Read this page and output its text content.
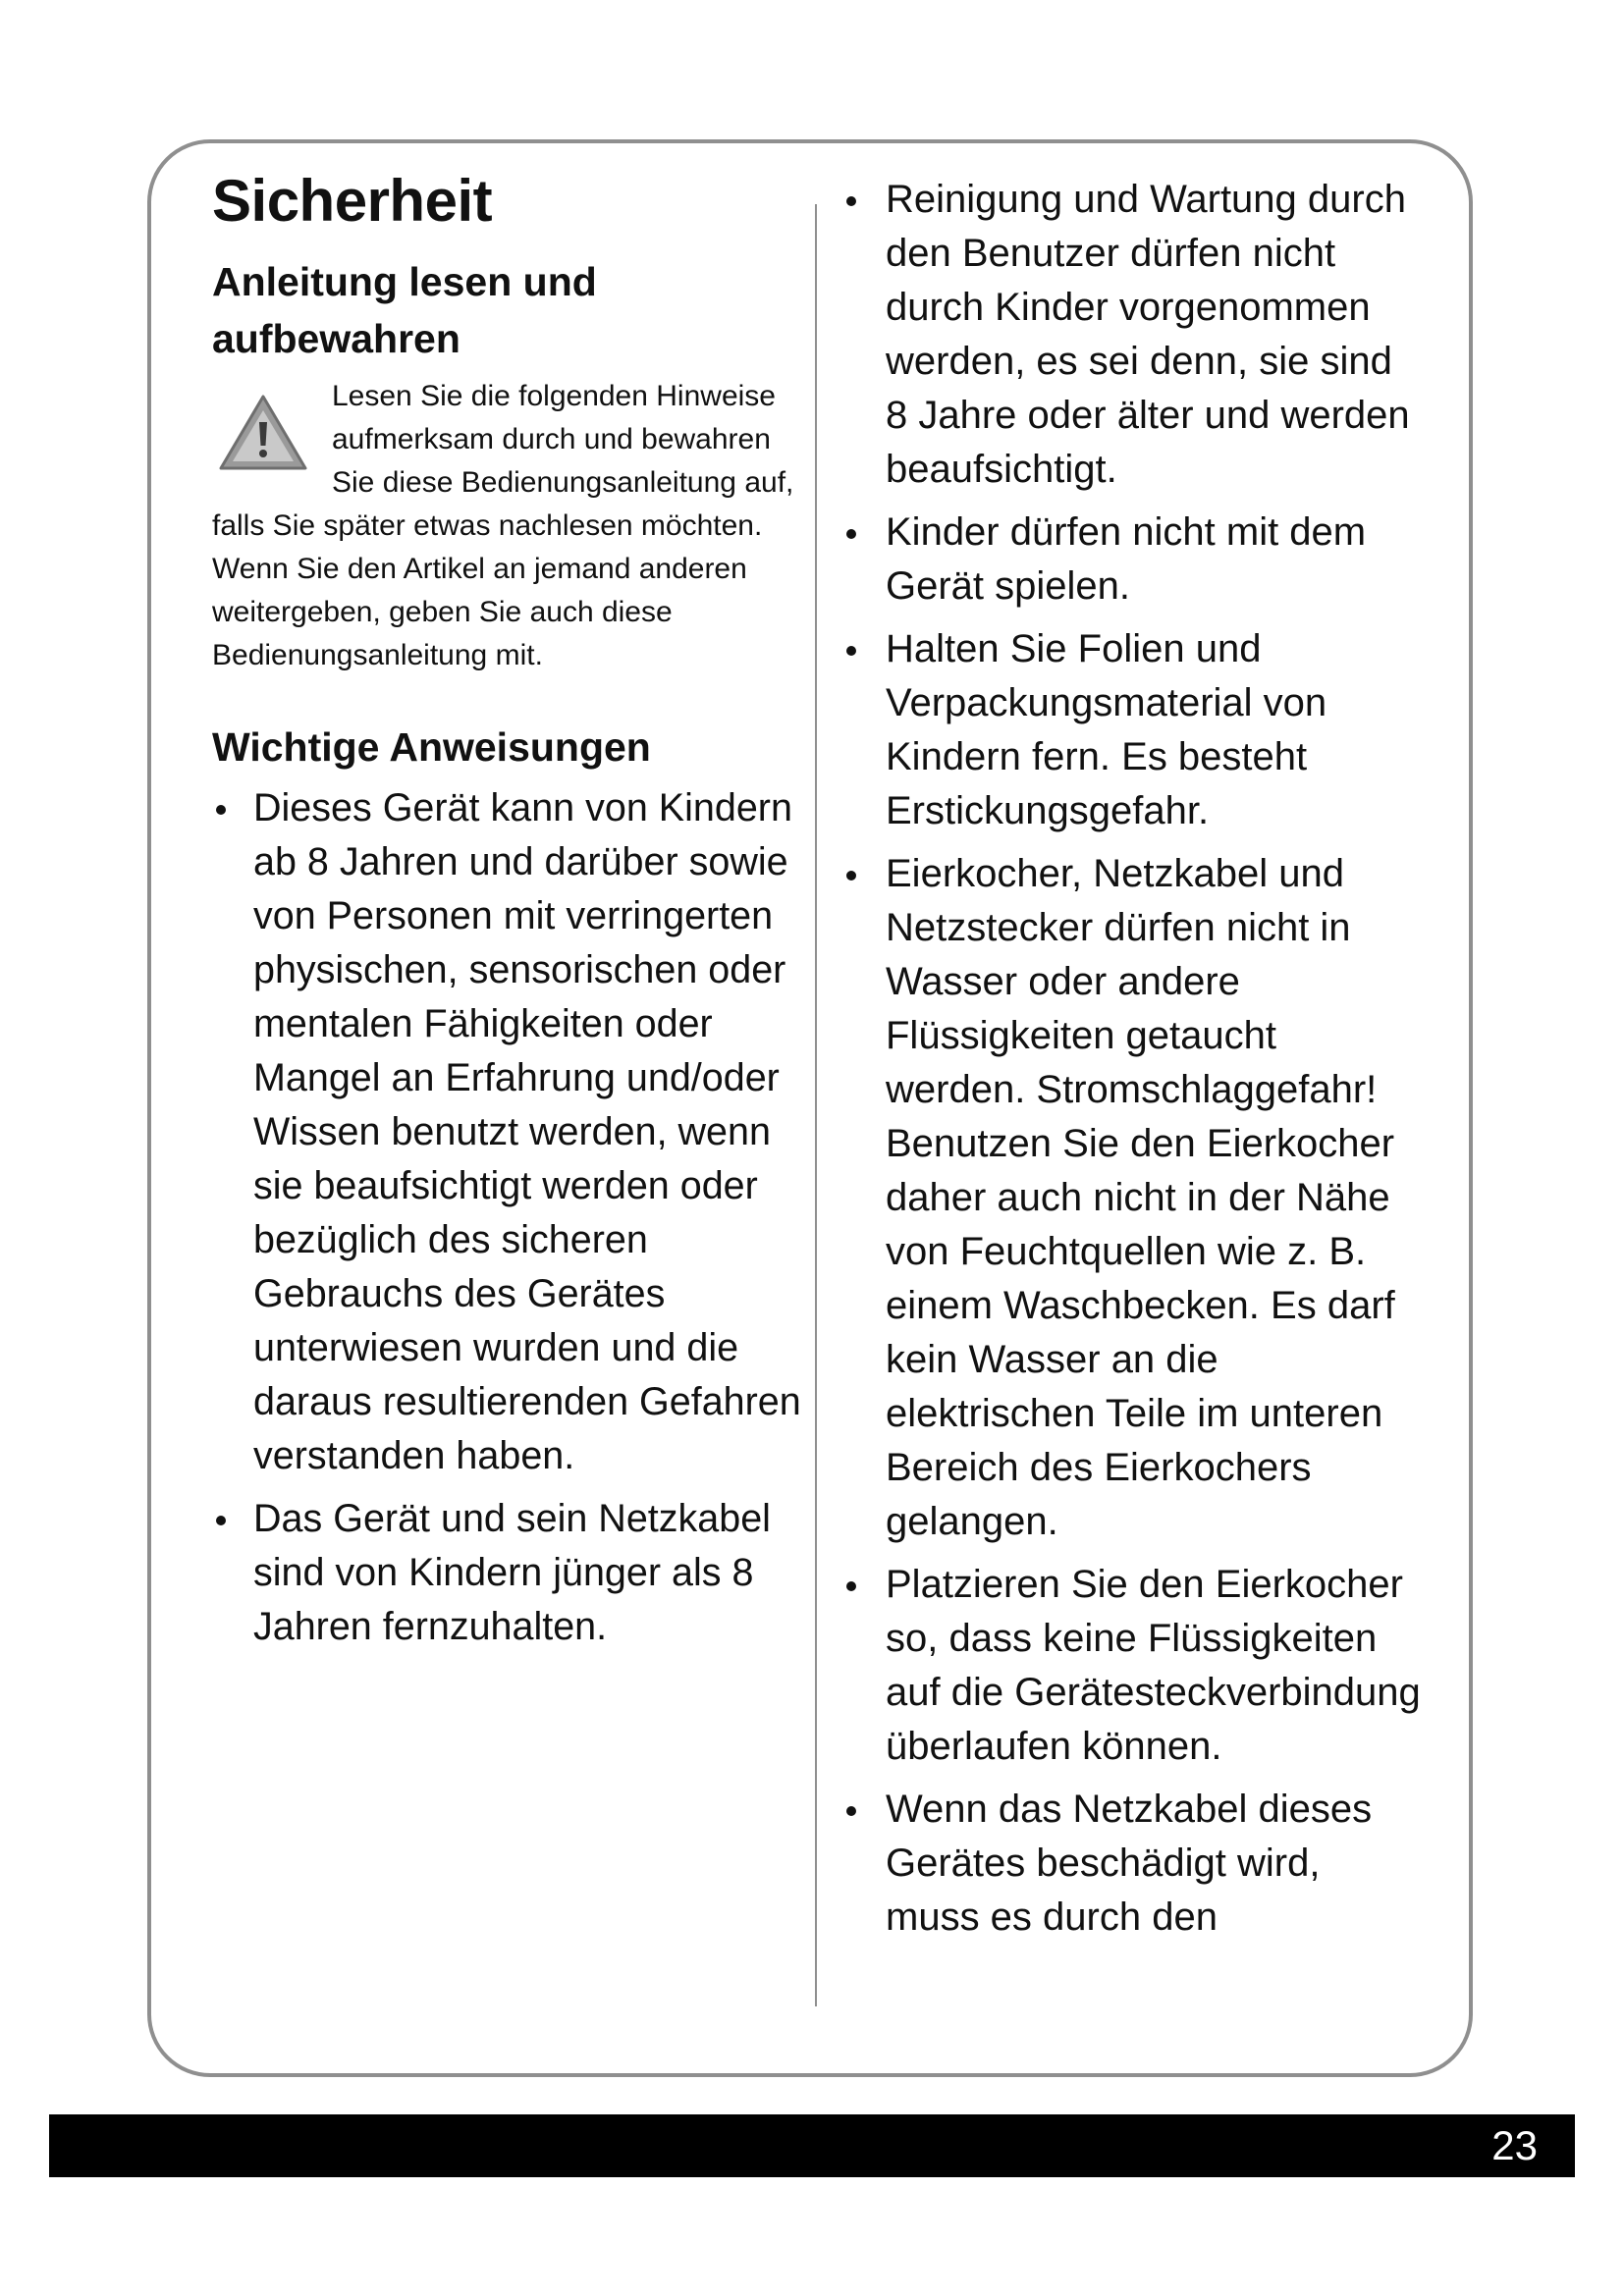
Sicherheit
Anleitung lesen und aufbewahren

Lesen Sie die folgenden Hinweise aufmerksam durch und bewahren Sie diese Bedienungsanleitung auf, falls Sie später etwas nachlesen möchten. Wenn Sie den Artikel an jemand anderen weitergeben, geben Sie auch diese Bedienungsanleitung mit.

Wichtige Anweisungen
Dieses Gerät kann von Kindern ab 8 Jahren und darüber sowie von Personen mit verringerten physischen, sensorischen oder mentalen Fähigkeiten oder Mangel an Erfahrung und/oder Wissen benutzt werden, wenn sie beaufsichtigt werden oder bezüglich des sicheren Gebrauchs des Gerätes unterwiesen wurden und die daraus resultierenden Gefahren verstanden haben.
Das Gerät und sein Netzkabel sind von Kindern jünger als 8 Jahren fernzuhalten.
Reinigung und Wartung durch den Benutzer dürfen nicht durch Kinder vorgenommen werden, es sei denn, sie sind 8 Jahre oder älter und werden beaufsichtigt.
Kinder dürfen nicht mit dem Gerät spielen.
Halten Sie Folien und Verpackungsmaterial von Kindern fern. Es besteht Erstickungsgefahr.
Eierkocher, Netzkabel und Netzstecker dürfen nicht in Wasser oder andere Flüssigkeiten getaucht werden. Stromschlaggefahr! Benutzen Sie den Eierkocher daher auch nicht in der Nähe von Feuchtquellen wie z. B. einem Waschbecken. Es darf kein Wasser an die elektrischen Teile im unteren Bereich des Eierkochers gelangen.
Platzieren Sie den Eierkocher so, dass keine Flüssigkeiten auf die Gerätesteckverbindung überlaufen können.
Wenn das Netzkabel dieses Gerätes beschädigt wird, muss es durch den
23
